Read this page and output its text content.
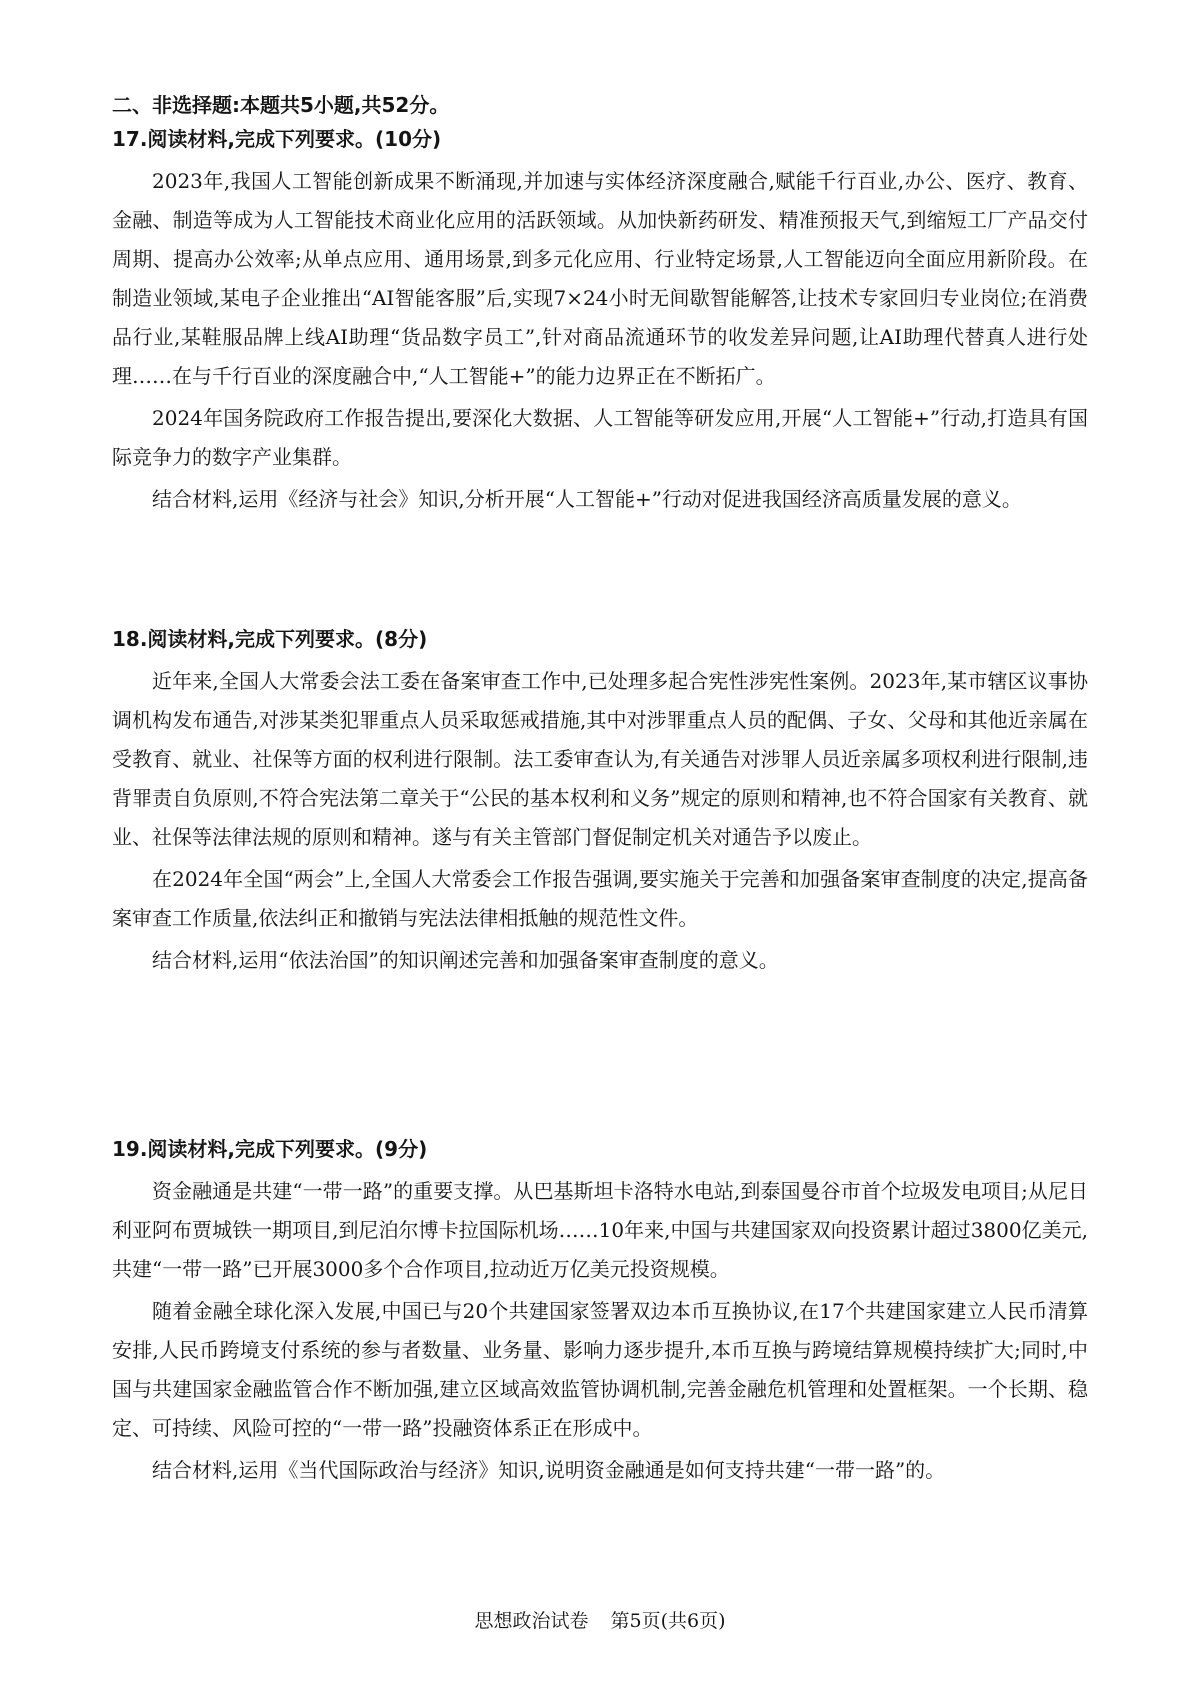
二、非选择题:本题共5小题,共52分。
17.阅读材料,完成下列要求。(10分)

2023年,我国人工智能创新成果不断涌现,并加速与实体经济深度融合,赋能千行百业,办公、医疗、教育、金融、制造等成为人工智能技术商业化应用的活跃领域。从加快新药研发、精准预报天气,到缩短工厂产品交付周期、提高办公效率;从单点应用、通用场景,到多元化应用、行业特定场景,人工智能迈向全面应用新阶段。在制造业领域,某电子企业推出“AI智能客服”后,实现7×24小时无间歇智能解答,让技术专家回归专业岗位;在消费品行业,某鞋服品牌上线AI助理“货品数字员工”,针对商品流通环节的收发差异问题,让AI助理代替真人进行处理……在与千行百业的深度融合中,“人工智能+”的能力边界正在不断拓广。

2024年国务院政府工作报告提出,要深化大数据、人工智能等研发应用,开展“人工智能+”行动,打造具有国际竞争力的数字产业集群。

结合材料,运用《经济与社会》知识,分析开展“人工智能+”行动对促进我国经济高质量发展的意义。

18.阅读材料,完成下列要求。(8分)

近年来,全国人大常委会法工委在备案审查工作中,已处理多起合宪性涉宪性案例。2023年,某市辖区议事协调机构发布通告,对涉某类犯罪重点人员采取惩戒措施,其中对涉罪重点人员的配偶、子女、父母和其他近亲属在受教育、就业、社保等方面的权利进行限制。法工委审查认为,有关通告对涉罪人员近亲属多项权利进行限制,违背罪责自负原则,不符合宪法第二章关于“公民的基本权利和义务”规定的原则和精神,也不符合国家有关教育、就业、社保等法律法规的原则和精神。遂与有关主管部门督促制定机关对通告予以废止。

在2024年全国“两会”上,全国人大常委会工作报告强调,要实施关于完善和加强备案审查制度的决定,提高备案审查工作质量,依法纠正和撤销与宪法法律相抵触的规范性文件。

结合材料,运用“依法治国”的知识阐述完善和加强备案审查制度的意义。

19.阅读材料,完成下列要求。(9分)

资金融通是共建“一带一路”的重要支撑。从巴基斯坦卡洛特水电站,到泰国曼谷市首个垃圾发电项目;从尼日利亚阿布贾城铁一期项目,到尼泊尔博卡拉国际机场……10年来,中国与共建国家双向投资累计超过3800亿美元,共建“一带一路”已开展3000多个合作项目,拉动近万亿美元投资规模。

随着金融全球化深入发展,中国已与20个共建国家签署双边本币互换协议,在17个共建国家建立人民币清算安排,人民币跨境支付系统的参与者数量、业务量、影响力逐步提升,本币互换与跨境结算规模持续扩大;同时,中国与共建国家金融监管合作不断加强,建立区域高效监管协调机制,完善金融危机管理和处置框架。一个长期、稳定、可持续、风险可控的“一带一路”投融资体系正在形成中。

结合材料,运用《当代国际政治与经济》知识,说明资金融通是如何支持共建“一带一路”的。

思想政治试卷 第5页(共6页)
